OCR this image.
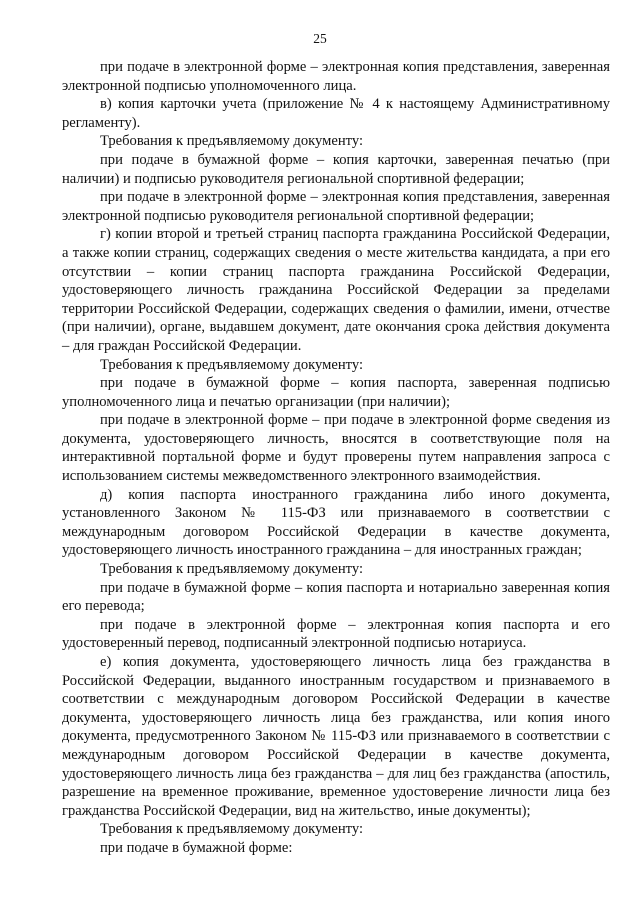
25

при подаче в электронной форме – электронная копия представления, заверенная электронной подписью уполномоченного лица.

в) копия карточки учета (приложение № 4 к настоящему Административному регламенту).

Требования к предъявляемому документу:

при подаче в бумажной форме – копия карточки, заверенная печатью (при наличии) и подписью руководителя региональной спортивной федерации;

при подаче в электронной форме – электронная копия представления, заверенная электронной подписью руководителя региональной спортивной федерации;

г) копии второй и третьей страниц паспорта гражданина Российской Федерации, а также копии страниц, содержащих сведения о месте жительства кандидата, а при его отсутствии – копии страниц паспорта гражданина Российской Федерации, удостоверяющего личность гражданина Российской Федерации за пределами территории Российской Федерации, содержащих сведения о фамилии, имени, отчестве (при наличии), органе, выдавшем документ, дате окончания срока действия документа – для граждан Российской Федерации.

Требования к предъявляемому документу:

при подаче в бумажной форме – копия паспорта, заверенная подписью уполномоченного лица и печатью организации (при наличии);

при подаче в электронной форме – при подаче в электронной форме сведения из документа, удостоверяющего личность, вносятся в соответствующие поля на интерактивной портальной форме и будут проверены путем направления запроса с использованием системы межведомственного электронного взаимодействия.

д) копия паспорта иностранного гражданина либо иного документа, установленного Законом № 115-ФЗ или признаваемого в соответствии с международным договором Российской Федерации в качестве документа, удостоверяющего личность иностранного гражданина – для иностранных граждан;

Требования к предъявляемому документу:

при подаче в бумажной форме – копия паспорта и нотариально заверенная копия его перевода;

при подаче в электронной форме – электронная копия паспорта и его удостоверенный перевод, подписанный электронной подписью нотариуса.

е) копия документа, удостоверяющего личность лица без гражданства в Российской Федерации, выданного иностранным государством и признаваемого в соответствии с международным договором Российской Федерации в качестве документа, удостоверяющего личность лица без гражданства, или копия иного документа, предусмотренного Законом № 115-ФЗ или признаваемого в соответствии с международным договором Российской Федерации в качестве документа, удостоверяющего личность лица без гражданства – для лиц без гражданства (апостиль, разрешение на временное проживание, временное удостоверение личности лица без гражданства Российской Федерации, вид на жительство, иные документы);

Требования к предъявляемому документу:

при подаче в бумажной форме:
